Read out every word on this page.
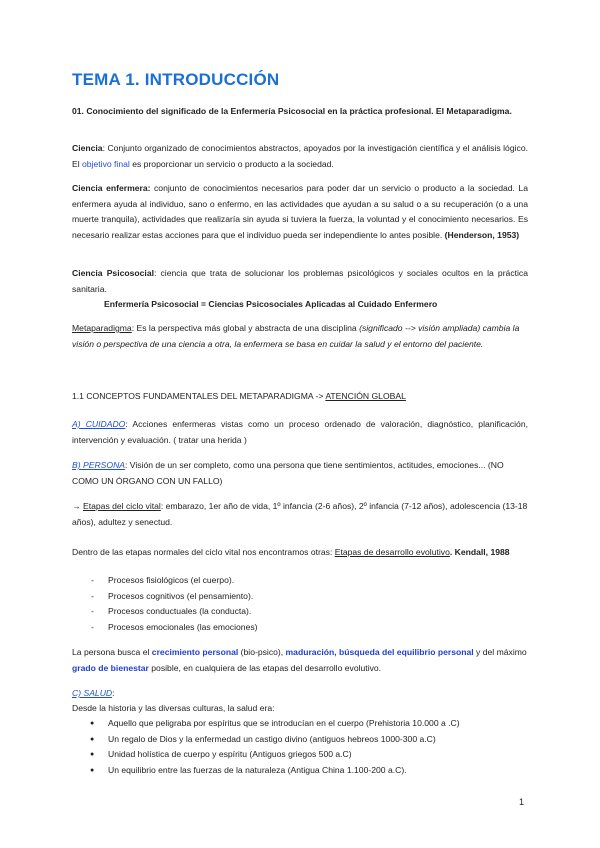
TEMA 1. INTRODUCCIÓN
01. Conocimiento del significado de la Enfermería Psicosocial en la práctica profesional. El Metaparadigma.
Ciencia: Conjunto organizado de conocimientos abstractos, apoyados por la investigación científica y el análisis lógico. El objetivo final es proporcionar un servicio o producto a la sociedad.
Ciencia enfermera: conjunto de conocimientos necesarios para poder dar un servicio o producto a la sociedad. La enfermera ayuda al individuo, sano o enfermo, en las actividades que ayudan a su salud o a su recuperación (o a una muerte tranquila), actividades que realizaría sin ayuda si tuviera la fuerza, la voluntad y el conocimiento necesarios. Es necesario realizar estas acciones para que el individuo pueda ser independiente lo antes posible. (Henderson, 1953)
Ciencia Psicosocial: ciencia que trata de solucionar los problemas psicológicos y sociales ocultos en la práctica sanitaria.
Enfermería Psicosocial = Ciencias Psicosociales Aplicadas al Cuidado Enfermero
Metaparadigma: Es la perspectiva más global y abstracta de una disciplina (significado --> visión ampliada) cambia la visión o perspectiva de una ciencia a otra, la enfermera se basa en cuidar la salud y el entorno del paciente.
1.1 CONCEPTOS FUNDAMENTALES DEL METAPARADIGMA -> ATENCIÓN GLOBAL
A) CUIDADO: Acciones enfermeras vistas como un proceso ordenado de valoración, diagnóstico, planificación, intervención y evaluación. ( tratar una herida )
B) PERSONA: Visión de un ser completo, como una persona que tiene sentimientos, actitudes, emociones... (NO COMO UN ÓRGANO CON UN FALLO)
→ Etapas del ciclo vital: embarazo, 1er año de vida, 1º infancia (2-6 años), 2º infancia (7-12 años), adolescencia (13-18 años), adultez y senectud.
Dentro de las etapas normales del ciclo vital nos encontramos otras: Etapas de desarrollo evolutivo. Kendall, 1988
- Procesos fisiológicos (el cuerpo).
- Procesos cognitivos (el pensamiento).
- Procesos conductuales (la conducta).
- Procesos emocionales (las emociones)
La persona busca el crecimiento personal (bio-psico), maduración, búsqueda del equilibrio personal y del máximo grado de bienestar posible, en cualquiera de las etapas del desarrollo evolutivo.
C) SALUD:
Desde la historia y las diversas culturas, la salud era:
● Aquello que peligraba por espíritus que se introducían en el cuerpo (Prehistoria 10.000 a .C)
● Un regalo de Dios y la enfermedad un castigo divino (antiguos hebreos 1000-300 a.C)
● Unidad holística de cuerpo y espíritu (Antiguos griegos 500 a.C)
● Un equilibrio entre las fuerzas de la naturaleza (Antigua China 1.100-200 a.C).
1
